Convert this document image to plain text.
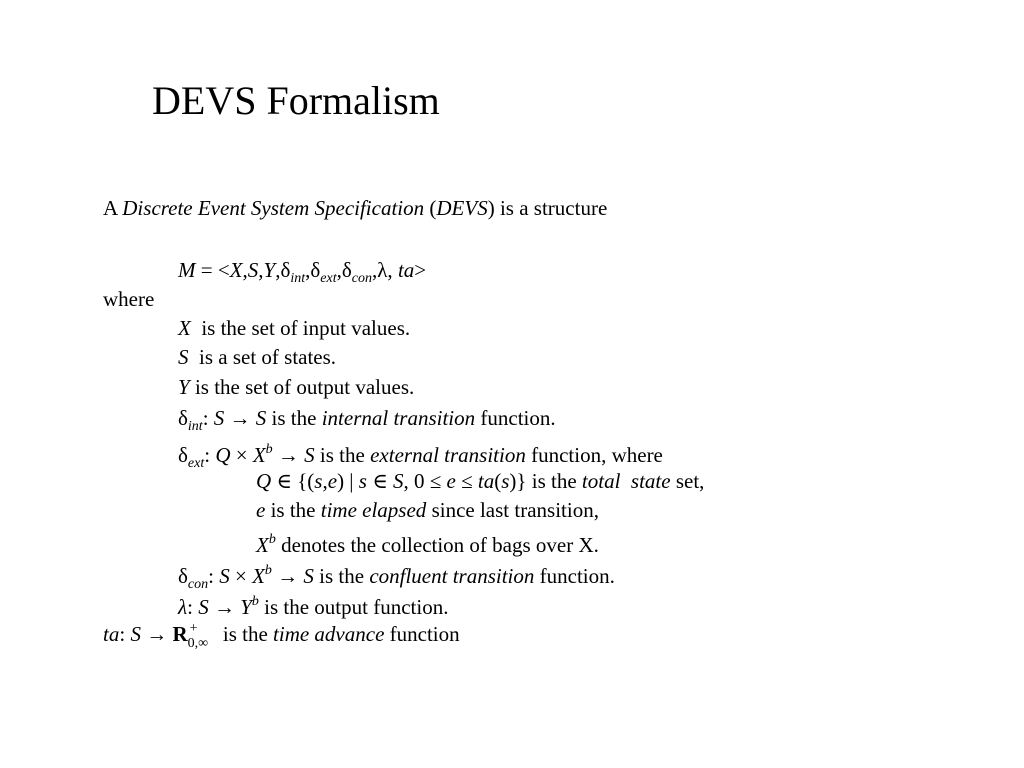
DEVS Formalism
A Discrete Event System Specification (DEVS) is a structure
$M = <X,S,Y,\delta_{int},\delta_{ext},\delta_{con},\lambda$, ta>
where
X  is the set of input values.
S  is a set of states.
Y is the set of output values.
$\delta_{int}$: S → S is the internal transition function.
$\delta_{ext}$: $Q \times X^b \to S$ is the external transition function, where
Q ∈ {(s,e) | s ∈ S, 0 ≤ e ≤ ta(s)} is the total  state set,
e is the time elapsed since last transition,
$X^b$ denotes the collection of bags over X.
$\delta_{con}$: $S \times X^b \to S$ is the confluent transition function.
λ: $S \to Y^b$ is the output function.
ta: S → R +
0,∞ is the time advance function
